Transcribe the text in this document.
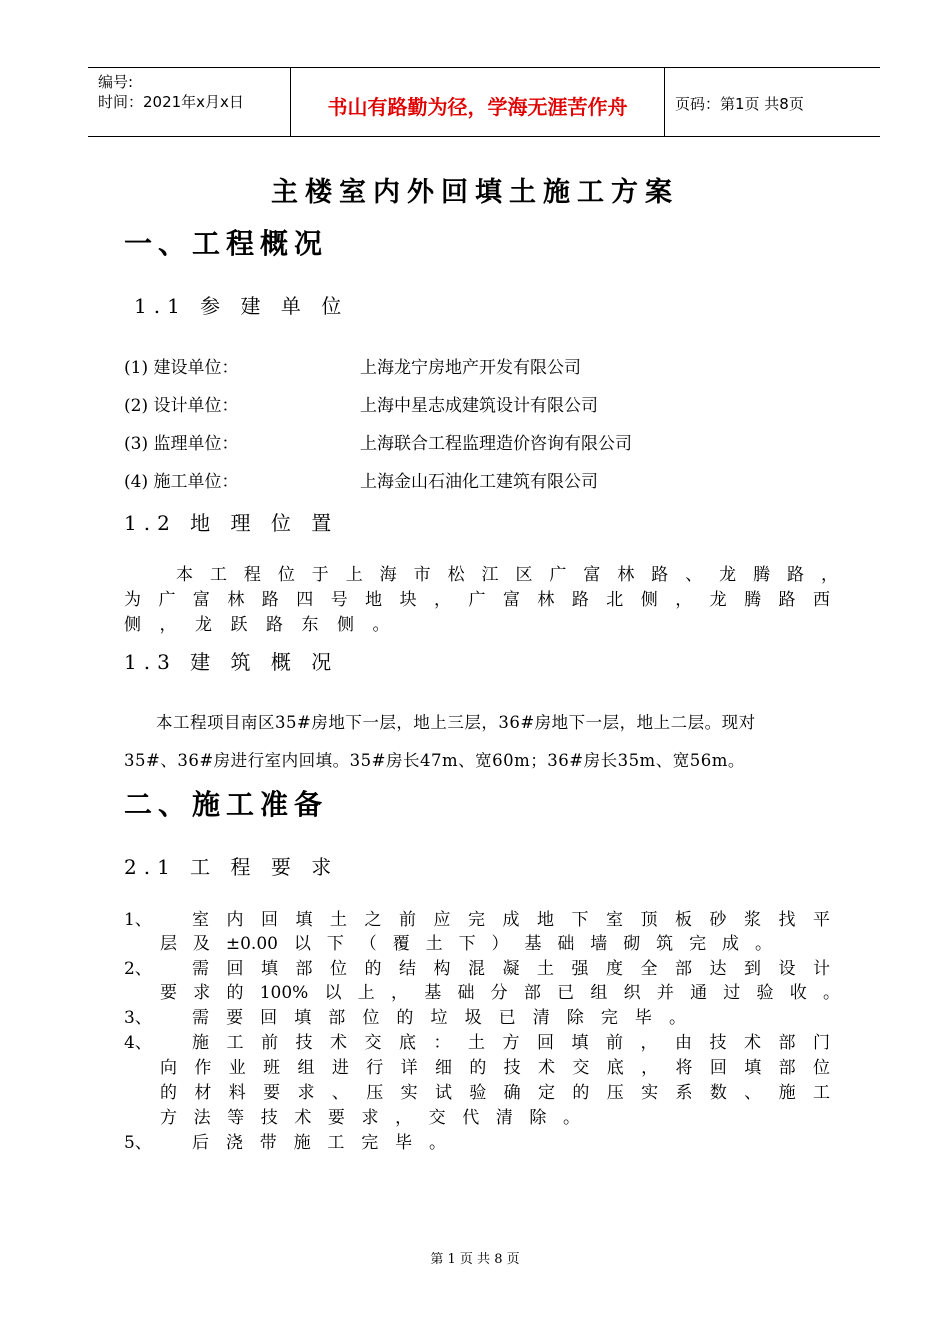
编号:
时间：2021年x月x日	书山有路勤为径，学海无涯苦作舟	页码：第1页 共8页
主楼室内外回填土施工方案
一、工程概况
1.1 参 建 单 位
(1) 建设单位：	上海龙宁房地产开发有限公司
(2) 设计单位：	上海中星志成建筑设计有限公司
(3) 监理单位：	上海联合工程监理造价咨询有限公司
(4) 施工单位：	上海金山石油化工建筑有限公司
1.2 地 理 位 置
本工程位于上海市松江区广富林路、龙腾路，
为广富林路四号地块，广富林路北侧，龙腾路西
侧，龙跃路东侧。
1.3 建 筑 概 况
本工程项目南区35#房地下一层，地上三层，36#房地下一层，地上二层。现对
35#、36#房进行室内回填。35#房长47m、宽60m；36#房长35m、宽56m。
二、施工准备
2.1 工 程 要 求
1、 室内回填土之前应完成地下室顶板砂浆找平
层及±0.00以下（覆土下）基础墙砌筑完成。
2、 需回填部位的结构混凝土强度全部达到设计
要求的100%以上，基础分部已组织并通过验收。
3、 需要回填部位的垃圾已清除完毕。
4、 施工前技术交底：土方回填前，由技术部门
向作业班组进行详细的技术交底，将回填部位
的材料要求、压实试验确定的压实系数、施工
方法等技术要求，交代清除。
5、 后浇带施工完毕。
第 1 页 共 8 页
